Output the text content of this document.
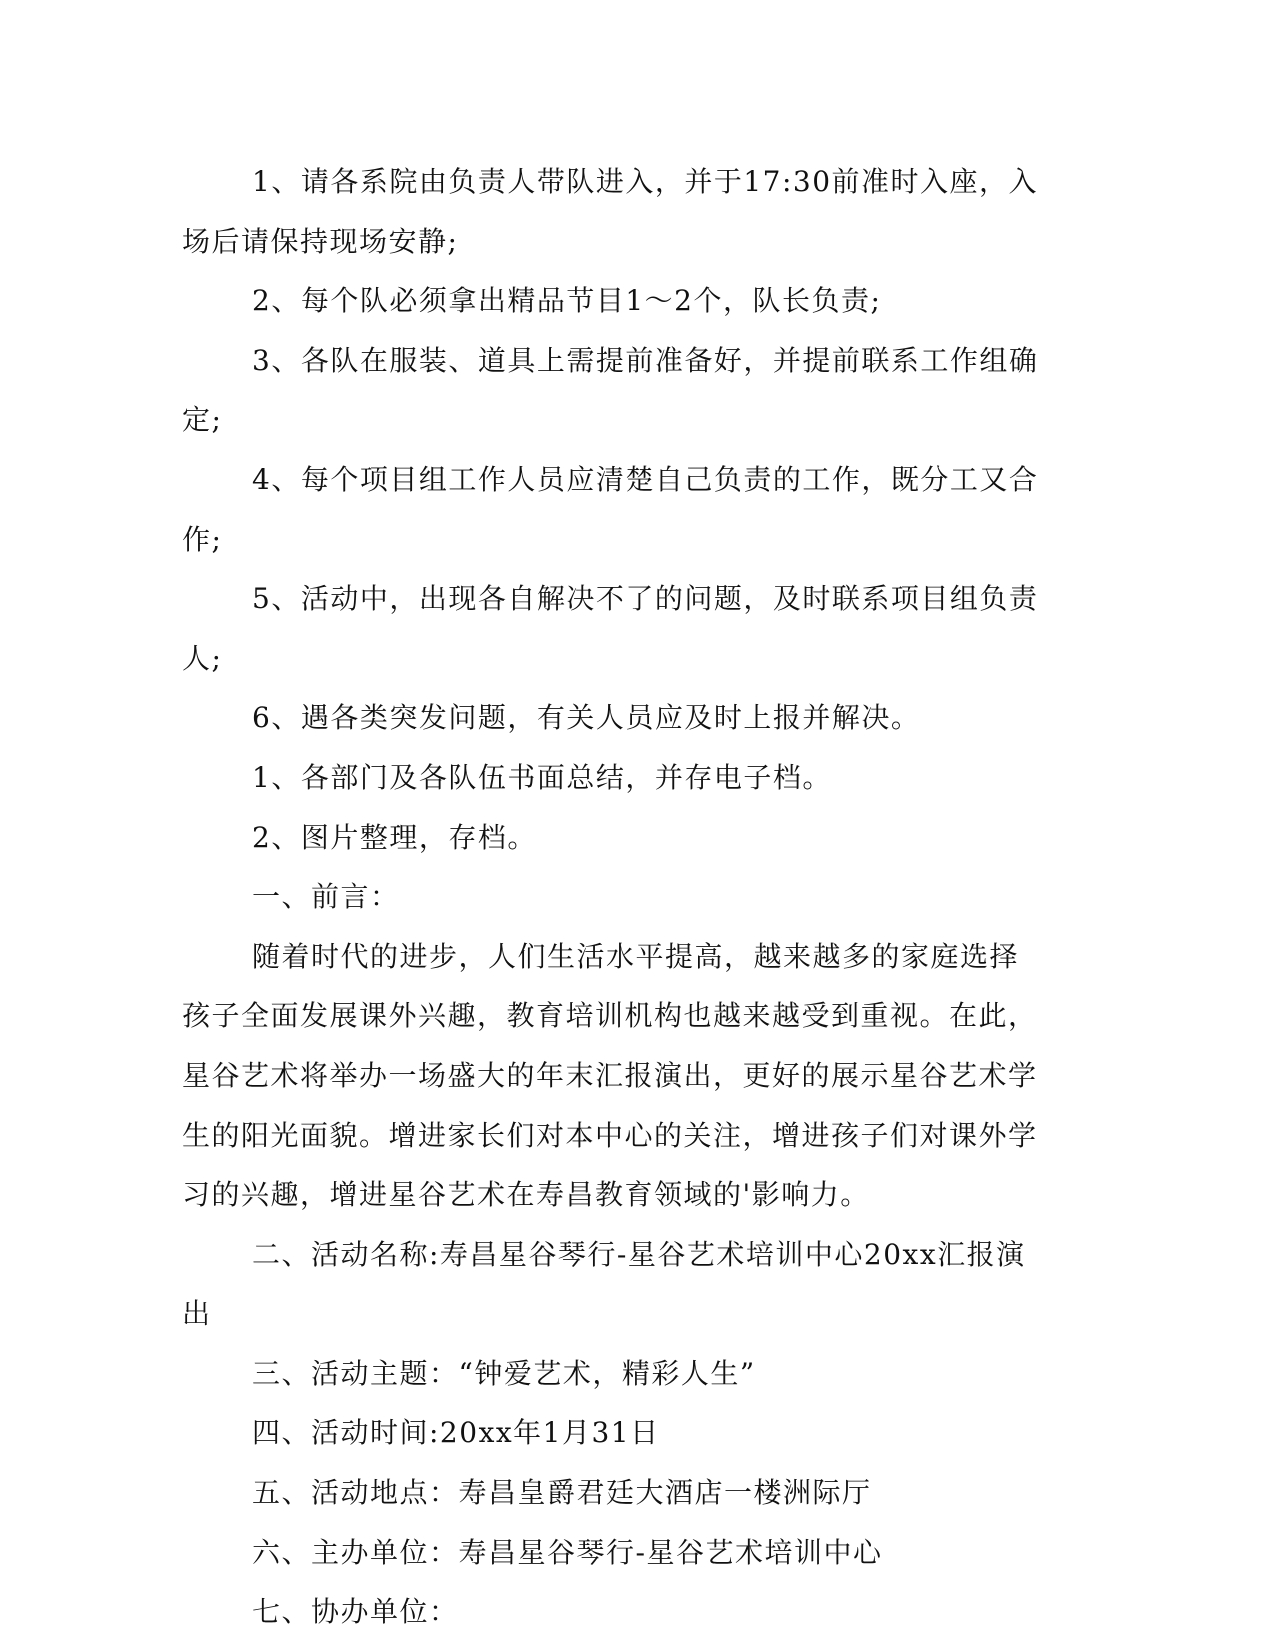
1、请各系院由负责人带队进入，并于17:30前准时入座，入场后请保持现场安静;

2、每个队必须拿出精品节目1～2个，队长负责;

3、各队在服装、道具上需提前准备好，并提前联系工作组确定;

4、每个项目组工作人员应清楚自己负责的工作，既分工又合作;

5、活动中，出现各自解决不了的问题，及时联系项目组负责人;

6、遇各类突发问题，有关人员应及时上报并解决。

1、各部门及各队伍书面总结，并存电子档。

2、图片整理，存档。

一、前言：

随着时代的进步，人们生活水平提高，越来越多的家庭选择孩子全面发展课外兴趣，教育培训机构也越来越受到重视。在此，星谷艺术将举办一场盛大的年末汇报演出，更好的展示星谷艺术学生的阳光面貌。增进家长们对本中心的关注，增进孩子们对课外学习的兴趣，增进星谷艺术在寿昌教育领域的'影响力。

二、活动名称:寿昌星谷琴行-星谷艺术培训中心20xx汇报演出

三、活动主题：“钟爱艺术，精彩人生”

四、活动时间:20xx年1月31日

五、活动地点：寿昌皇爵君廷大酒店一楼洲际厅

六、主办单位：寿昌星谷琴行-星谷艺术培训中心

七、协办单位：
